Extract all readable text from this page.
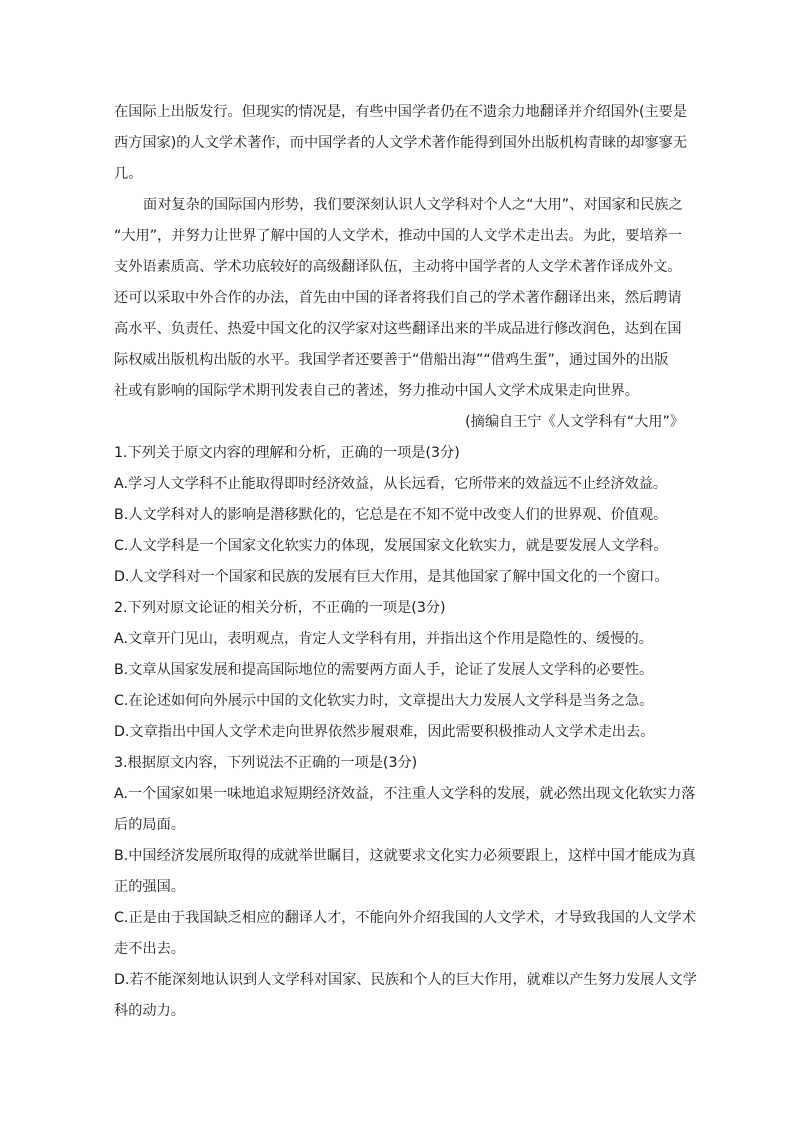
在国际上出版发行。但现实的情况是，有些中国学者仍在不遗余力地翻译并介绍国外(主要是
西方国家)的人文学术著作，而中国学者的人文学术著作能得到国外出版机构青睐的却寥寥无
几。
面对复杂的国际国内形势，我们要深刻认识人文学科对个人之“大用”、对国家和民族之
“大用”，并努力让世界了解中国的人文学术，推动中国的人文学术走出去。为此，要培养一
支外语素质高、学术功底较好的高级翻译队伍，主动将中国学者的人文学术著作译成外文。
还可以采取中外合作的办法，首先由中国的译者将我们自己的学术著作翻译出来，然后聘请
高水平、负责任、热爱中国文化的汉学家对这些翻译出来的半成品进行修改润色，达到在国
际权威出版机构出版的水平。我国学者还要善于“借船出海”“借鸡生蛋”，通过国外的出版
社或有影响的国际学术期刊发表自己的著述，努力推动中国人文学术成果走向世界。
(摘编自王宁《人文学科有“大用”》
1.下列关于原文内容的理解和分析，正确的一项是(3分)
A.学习人文学科不止能取得即时经济效益，从长远看，它所带来的效益远不止经济效益。
B.人文学科对人的影响是潜移默化的，它总是在不知不觉中改变人们的世界观、价值观。
C.人文学科是一个国家文化软实力的体现，发展国家文化软实力，就是要发展人文学科。
D.人文学科对一个国家和民族的发展有巨大作用，是其他国家了解中国文化的一个窗口。
2.下列对原文论证的相关分析，不正确的一项是(3分)
A.文章开门见山，表明观点，肯定人文学科有用，并指出这个作用是隐性的、缓慢的。
B.文章从国家发展和提高国际地位的需要两方面人手，论证了发展人文学科的必要性。
C.在论述如何向外展示中国的文化软实力时，文章提出大力发展人文学科是当务之急。
D.文章指出中国人文学术走向世界依然步履艰难，因此需要积极推动人文学术走出去。
3.根据原文内容，下列说法不正确的一项是(3分)
A.一个国家如果一味地追求短期经济效益，不注重人文学科的发展，就必然出现文化软实力落
后的局面。
B.中国经济发展所取得的成就举世瞩目，这就要求文化实力必须要跟上，这样中国才能成为真
正的强国。
C.正是由于我国缺乏相应的翻译人才，不能向外介绍我国的人文学术，才导致我国的人文学术
走不出去。
D.若不能深刻地认识到人文学科对国家、民族和个人的巨大作用，就难以产生努力发展人文学
科的动力。
